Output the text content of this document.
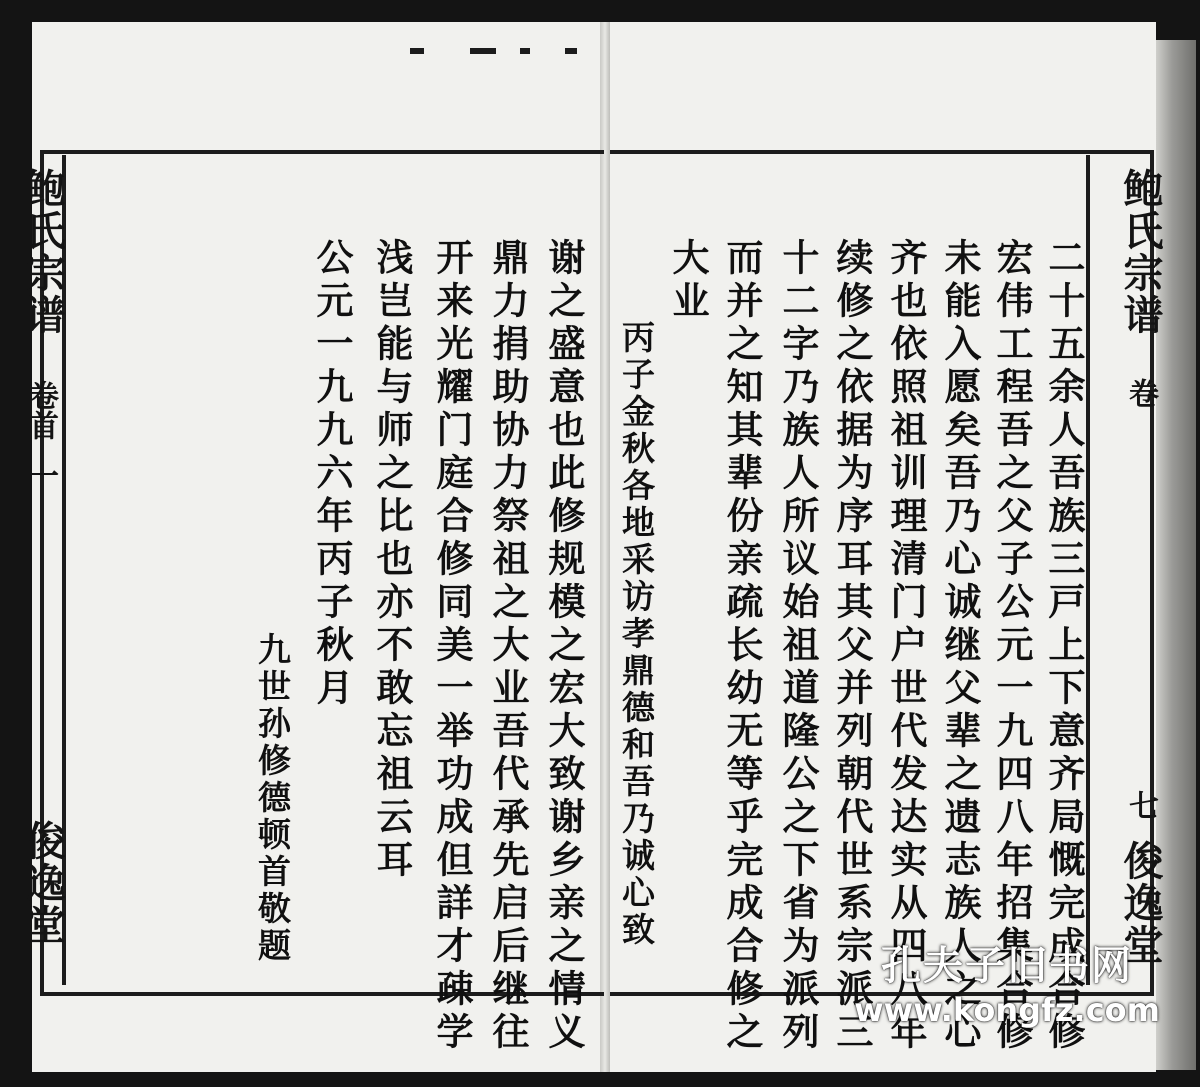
鲍氏宗谱
卷首
一
俊逸堂
鲍氏宗谱
卷
七
俊逸堂
二十五余人吾族三戸上下意齐局慨完成合修
宏伟工程吾之父子公元一九四八年招集合修
未能入愿矣吾乃心诚继父辈之遗志族人之心
齐也依照祖训理清门户世代发达实从四八年
续修之依据为序耳其父并列朝代世系宗派三
十二字乃族人所议始祖道隆公之下省为派列
而并之知其辈份亲疏长幼无等乎完成合修之
大业
丙子金秋各地采访孝鼎德和吾乃诚心致
谢之盛意也此修规模之宏大致谢乡亲之情义
鼎力捐助协力祭祖之大业吾代承先启后继往
开来光耀门庭合修同美一举功成但詳才疎学
浅岂能与师之比也亦不敢忘祖云耳
公元一九九六年丙子秋月
九世孙修德顿首敬题
孔夫子旧书网
www.kongfz.com
